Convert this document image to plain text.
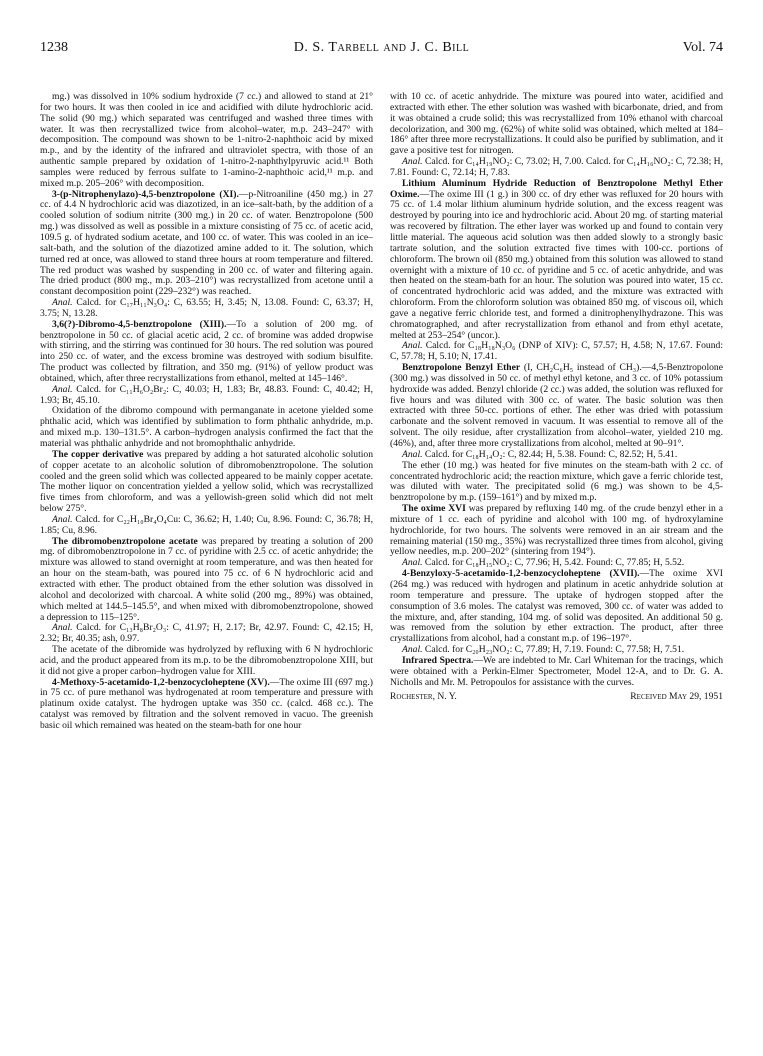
1238	D. S. Tarbell and J. C. Bill	Vol. 74

mg.) was dissolved in 10% sodium hydroxide (7 cc.) and allowed to stand at 21° for two hours. It was then cooled in ice and acidified with dilute hydrochloric acid. The solid (90 mg.) which separated was centrifuged and washed three times with water. It was then recrystallized twice from alcohol–water, m.p. 243–247° with decomposition. The compound was shown to be 1-nitro-2-naphthoic acid by mixed m.p., and by the identity of the infrared and ultraviolet spectra, with those of an authentic sample prepared by oxidation of 1-nitro-2-naphthylpyruvic acid.¹¹ Both samples were reduced by ferrous sulfate to 1-amino-2-naphthoic acid,¹¹ m.p. and mixed m.p. 205–206° with decomposition.

3-(p-Nitrophenylazo)-4,5-benztropolone (XI).—p-Nitroaniline (450 mg.) in 27 cc. of 4.4 N hydrochloric acid was diazotized, in an ice–salt-bath, by the addition of a cooled solution of sodium nitrite (300 mg.) in 20 cc. of water. Benztropolone (500 mg.) was dissolved as well as possible in a mixture consisting of 75 cc. of acetic acid, 109.5 g. of hydrated sodium acetate, and 100 cc. of water. This was cooled in an ice–salt-bath, and the solution of the diazotized amine added to it. The solution, which turned red at once, was allowed to stand three hours at room temperature and filtered. The red product was washed by suspending in 200 cc. of water and filtering again. The dried product (800 mg., m.p. 203–210°) was recrystallized from acetone until a constant decomposition point (229–232°) was reached.

Anal. Calcd. for C₁₇H₁₁N₃O₄: C, 63.55; H, 3.45; N, 13.08. Found: C, 63.37; H, 3.75; N, 13.28.

3,6(?)-Dibromo-4,5-benztropolone (XIII).—To a solution of 200 mg. of benztropolone in 50 cc. of glacial acetic acid, 2 cc. of bromine was added dropwise with stirring, and the stirring was continued for 30 hours. The red solution was poured into 250 cc. of water, and the excess bromine was destroyed with sodium bisulfite. The product was collected by filtration, and 350 mg. (91%) of yellow product was obtained, which, after three recrystallizations from ethanol, melted at 145–146°.

Anal. Calcd. for C₁₁H₆O₂Br₂: C, 40.03; H, 1.83; Br, 48.83. Found: C, 40.42; H, 1.93; Br, 45.10.

Oxidation of the dibromo compound with permanganate in acetone yielded some phthalic acid, which was identified by sublimation to form phthalic anhydride, m.p. and mixed m.p. 130–131.5°. A carbon–hydrogen analysis confirmed the fact that the material was phthalic anhydride and not bromophthalic anhydride.

The copper derivative was prepared by adding a hot saturated alcoholic solution of copper acetate to an alcoholic solution of dibromobenztropolone. The solution cooled and the green solid which was collected appeared to be mainly copper acetate. The mother liquor on concentration yielded a yellow solid, which was recrystallized five times from chloroform, and was a yellowish-green solid which did not melt below 275°.

Anal. Calcd. for C₂₂H₁₀Br₄O₄Cu: C, 36.62; H, 1.40; Cu, 8.96. Found: C, 36.78; H, 1.85; Cu, 8.96.

The dibromobenztropolone acetate was prepared by treating a solution of 200 mg. of dibromobenztropolone in 7 cc. of pyridine with 2.5 cc. of acetic anhydride; the mixture was allowed to stand overnight at room temperature, and was then heated for an hour on the steam-bath, was poured into 75 cc. of 6 N hydrochloric acid and extracted with ether. The product obtained from the ether solution was dissolved in alcohol and decolorized with charcoal. A white solid (200 mg., 89%) was obtained, which melted at 144.5–145.5°, and when mixed with dibromobenztropolone, showed a depression to 115–125°.

Anal. Calcd. for C₁₃H₈Br₂O₃: C, 41.97; H, 2.17; Br, 42.97. Found: C, 42.15; H, 2.32; Br, 40.35; ash, 0.97.

The acetate of the dibromide was hydrolyzed by refluxing with 6 N hydrochloric acid, and the product appeared from its m.p. to be the dibromobenztropolone XIII, but it did not give a proper carbon–hydrogen value for XIII.

4-Methoxy-5-acetamido-1,2-benzocycloheptene (XV).—The oxime III (697 mg.) in 75 cc. of pure methanol was hydrogenated at room temperature and pressure with platinum oxide catalyst. The hydrogen uptake was 350 cc. (calcd. 468 cc.). The catalyst was removed by filtration and the solvent removed in vacuo. The greenish basic oil which remained was heated on the steam-bath for one hour

with 10 cc. of acetic anhydride. The mixture was poured into water, acidified and extracted with ether. The ether solution was washed with bicarbonate, dried, and from it was obtained a crude solid; this was recrystallized from 10% ethanol with charcoal decolorization, and 300 mg. (62%) of white solid was obtained, which melted at 184–186° after three more recrystallizations. It could also be purified by sublimation, and it gave a positive test for nitrogen.

Anal. Calcd. for C₁₄H₁₉NO₂: C, 73.02; H, 7.00. Calcd. for C₁₄H₁₆NO₂: C, 72.38; H, 7.81. Found: C, 72.14; H, 7.83.

Lithium Aluminum Hydride Reduction of Benztropolone Methyl Ether Oxime.—The oxime III (1 g.) in 300 cc. of dry ether was refluxed for 20 hours with 75 cc. of 1.4 molar lithium aluminum hydride solution, and the excess reagent was destroyed by pouring into ice and hydrochloric acid. About 20 mg. of starting material was recovered by filtration. The ether layer was worked up and found to contain very little material. The aqueous acid solution was then added slowly to a strongly basic tartrate solution, and the solution extracted five times with 100-cc. portions of chloroform. The brown oil (850 mg.) obtained from this solution was allowed to stand overnight with a mixture of 10 cc. of pyridine and 5 cc. of acetic anhydride, and was then heated on the steam-bath for an hour. The solution was poured into water, 15 cc. of concentrated hydrochloric acid was added, and the mixture was extracted with chloroform. From the chloroform solution was obtained 850 mg. of viscous oil, which gave a negative ferric chloride test, and formed a dinitrophenylhydrazone. This was chromatographed, and after recrystallization from ethanol and from ethyl acetate, melted at 253–254° (uncor.).

Anal. Calcd. for C₁₈H₁₈N₃O₆ (DNP of XIV): C, 57.57; H, 4.58; N, 17.67. Found: C, 57.78; H, 5.10; N, 17.41.

Benztropolone Benzyl Ether (I, CH₂C₆H₅ instead of CH₃).—4,5-Benztropolone (300 mg.) was dissolved in 50 cc. of methyl ethyl ketone, and 3 cc. of 10% potassium hydroxide was added. Benzyl chloride (2 cc.) was added, the solution was refluxed for five hours and was diluted with 300 cc. of water. The basic solution was then extracted with three 50-cc. portions of ether. The ether was dried with potassium carbonate and the solvent removed in vacuum. It was essential to remove all of the solvent. The oily residue, after crystallization from alcohol–water, yielded 210 mg. (46%), and, after three more crystallizations from alcohol, melted at 90–91°.

Anal. Calcd. for C₁₈H₁₄O₂: C, 82.44; H, 5.38. Found: C, 82.52; H, 5.41.

The ether (10 mg.) was heated for five minutes on the steam-bath with 2 cc. of concentrated hydrochloric acid; the reaction mixture, which gave a ferric chloride test, was diluted with water. The precipitated solid (6 mg.) was shown to be 4,5-benztropolone by m.p. (159–161°) and by mixed m.p.

The oxime XVI was prepared by refluxing 140 mg. of the crude benzyl ether in a mixture of 1 cc. each of pyridine and alcohol with 100 mg. of hydroxylamine hydrochloride, for two hours. The solvents were removed in an air stream and the remaining material (150 mg., 35%) was recrystallized three times from alcohol, giving yellow needles, m.p. 200–202° (sintering from 194°).

Anal. Calcd. for C₁₈H₁₅NO₂: C, 77.96; H, 5.42. Found: C, 77.85; H, 5.52.

4-Benzyloxy-5-acetamido-1,2-benzocycloheptene (XVII).—The oxime XVI (264 mg.) was reduced with hydrogen and platinum in acetic anhydride solution at room temperature and pressure. The uptake of hydrogen stopped after the consumption of 3.6 moles. The catalyst was removed, 300 cc. of water was added to the mixture, and, after standing, 104 mg. of solid was deposited. An additional 50 g. was removed from the solution by ether extraction. The product, after three crystallizations from alcohol, had a constant m.p. of 196–197°.

Anal. Calcd. for C₂₀H₂₃NO₂: C, 77.89; H, 7.19. Found: C, 77.58; H, 7.51.

Infrared Spectra.—We are indebted to Mr. Carl Whiteman for the tracings, which were obtained with a Perkin-Elmer Spectrometer, Model 12-A, and to Dr. G. A. Nicholls and Mr. M. Petropoulos for assistance with the curves.

Rochester, N. Y.	Received May 29, 1951
